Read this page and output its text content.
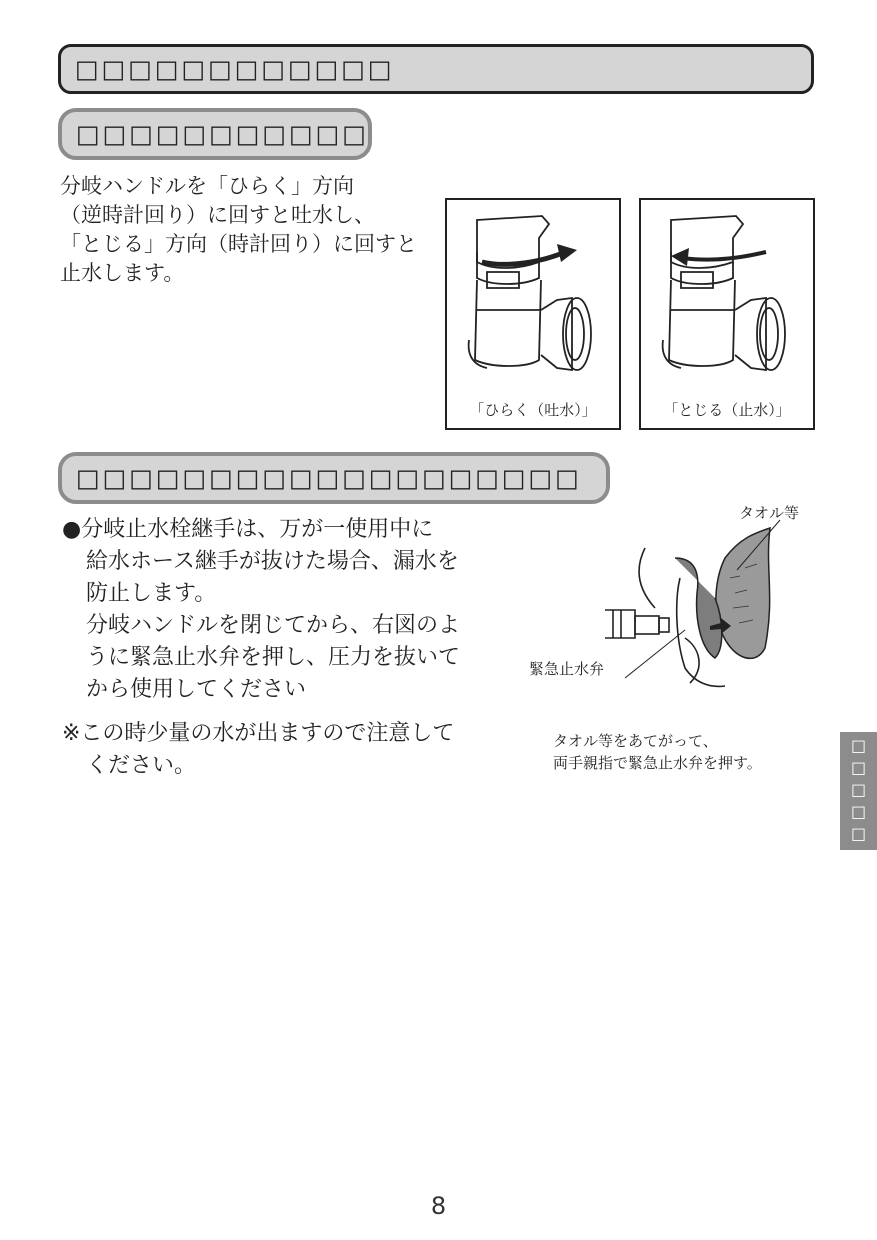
□□□□□□□□□□□□
□□□□□□□□□□□
分岐ハンドルを「ひらく」方向
（逆時計回り）に回すと吐水し、
「とじる」方向（時計回り）に回すと
止水します。
「ひらく（吐水）」	「とじる（止水）」
□□□□□□□□□□□□□□□□□□□
●分岐止水栓継手は、万が一使用中に
給水ホース継手が抜けた場合、漏水を
防止します。
分岐ハンドルを閉じてから、右図のよ
うに緊急止水弁を押し、圧力を抜いて
から使用してください
※この時少量の水が出ますので注意して
ください。
タオル等
緊急止水弁
タオル等をあてがって、
両手親指で緊急止水弁を押す。	□□□□□
8
